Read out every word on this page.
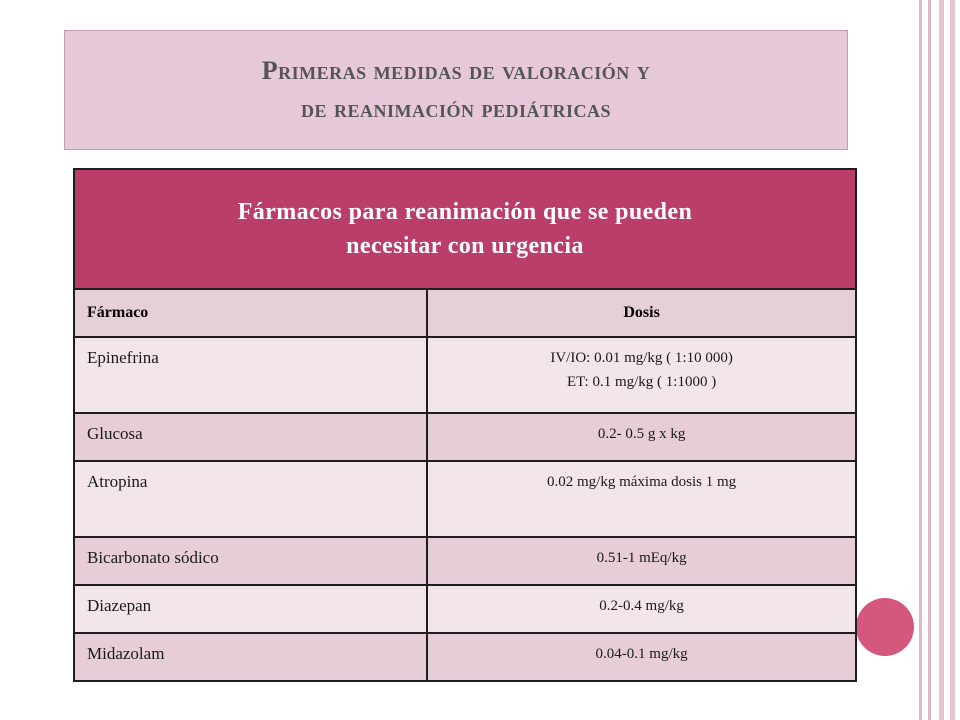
Primeras medidas de valoración y
de reanimación pediátricas
Fármacos para reanimación que se pueden
necesitar con urgencia	

Fármaco	Dosis
Epinefrina	IV/IO: 0.01 mg/kg ( 1:10 000)
ET: 0.1 mg/kg ( 1:1000 )

Glucosa	0.2- 0.5 g x kg

Atropina	0.02 mg/kg máxima dosis 1 mg

Bicarbonato sódico	0.51-1 mEq/kg

Diazepan	0.2-0.4 mg/kg

Midazolam	0.04-0.1 mg/kg
